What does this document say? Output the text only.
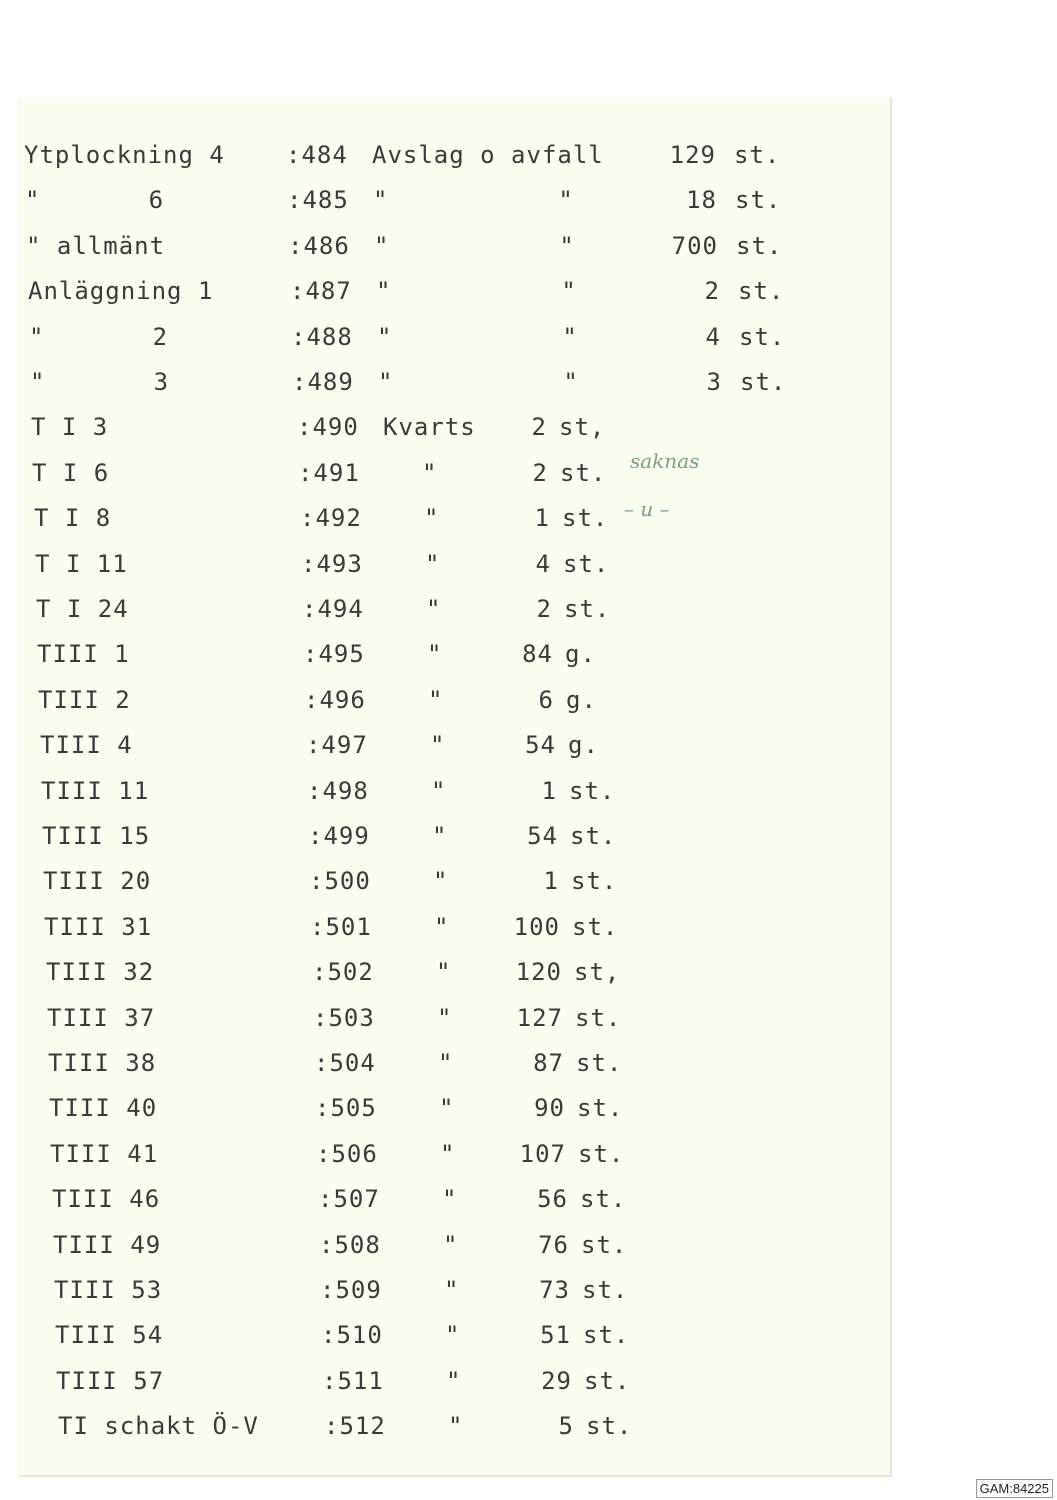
Ytplockning 4	:484 Avslag o avfall	129 st.
"       6	:485 "           "	18 st.
" allmänt	:486 "           "	700 st.
Anläggning 1	:487 "           "	2 st.
"       2	:488 "           "	4 st.
"       3	:489 "           "	3 st.
T I 3	:490 Kvarts	2 st,
T I 6	:491	"	2 st.
T I 8	:492	"	1 st.
T I 11	:493	"	4 st.
T I 24	:494	"	2 st.
TIII 1	:495	"	84 g.
TIII 2	:496	"	6 g.
TIII 4	:497	"	54 g.
TIII 11	:498	"	1 st.
TIII 15	:499	"	54 st.
TIII 20	:500	"	1 st.
TIII 31	:501	"	100 st.
TIII 32	:502	"	120 st,
TIII 37	:503	"	127 st.
TIII 38	:504	"	87 st.
TIII 40	:505	"	90 st.
TIII 41	:506	"	107 st.
TIII 46	:507	"	56 st.
TIII 49	:508	"	76 st.
TIII 53	:509	"	73 st.
TIII 54	:510	"	51 st.
TIII 57	:511	"	29 st.
TI schakt Ö-V	:512	"	5 st.
saknas
– u –
GAM:84225
